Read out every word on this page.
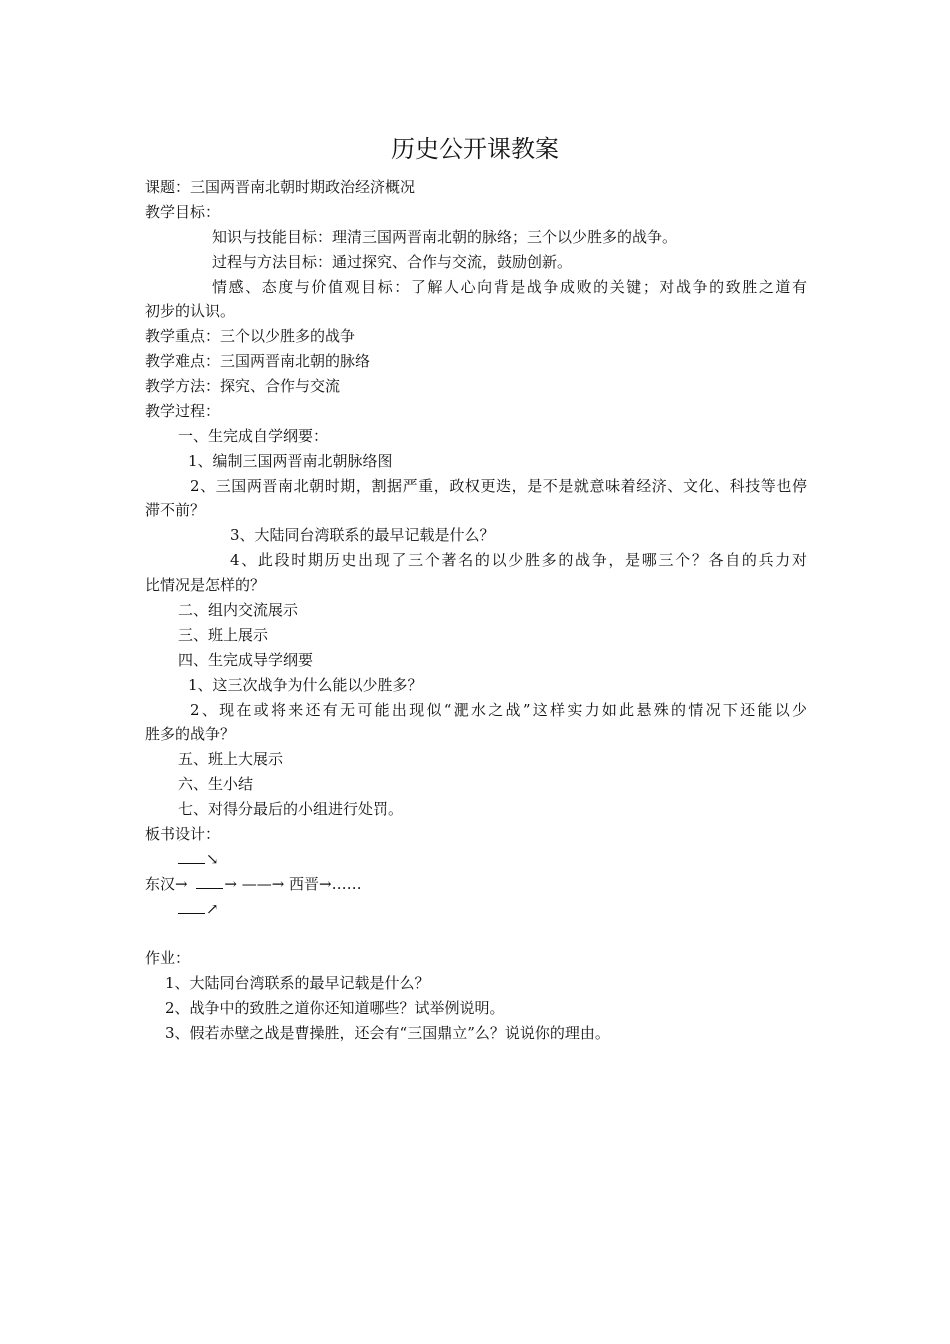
历史公开课教案
课题：三国两晋南北朝时期政治经济概况
教学目标：
知识与技能目标：理清三国两晋南北朝的脉络；三个以少胜多的战争。
过程与方法目标：通过探究、合作与交流，鼓励创新。
情感、态度与价值观目标：了解人心向背是战争成败的关键；对战争的致胜之道有
初步的认识。
教学重点：三个以少胜多的战争
教学难点：三国两晋南北朝的脉络
教学方法：探究、合作与交流
教学过程：
一、生完成自学纲要：
1、编制三国两晋南北朝脉络图
2、三国两晋南北朝时期，割据严重，政权更迭，是不是就意味着经济、文化、科技等也停
滞不前？
3、大陆同台湾联系的最早记载是什么？
4、此段时期历史出现了三个著名的以少胜多的战争，是哪三个？各自的兵力对
比情况是怎样的？
二、组内交流展示
三、班上展示
四、生完成导学纲要
1、这三次战争为什么能以少胜多？
2、现在或将来还有无可能出现似“淝水之战”这样实力如此悬殊的情况下还能以少
胜多的战争？
五、班上大展示
六、生小结
七、对得分最后的小组进行处罚。
板书设计：
↘
东汉→ → ——→ 西晋→……
↗
作业：
1、大陆同台湾联系的最早记载是什么？
2、战争中的致胜之道你还知道哪些？试举例说明。
3、假若赤壁之战是曹操胜，还会有“三国鼎立”么？说说你的理由。
